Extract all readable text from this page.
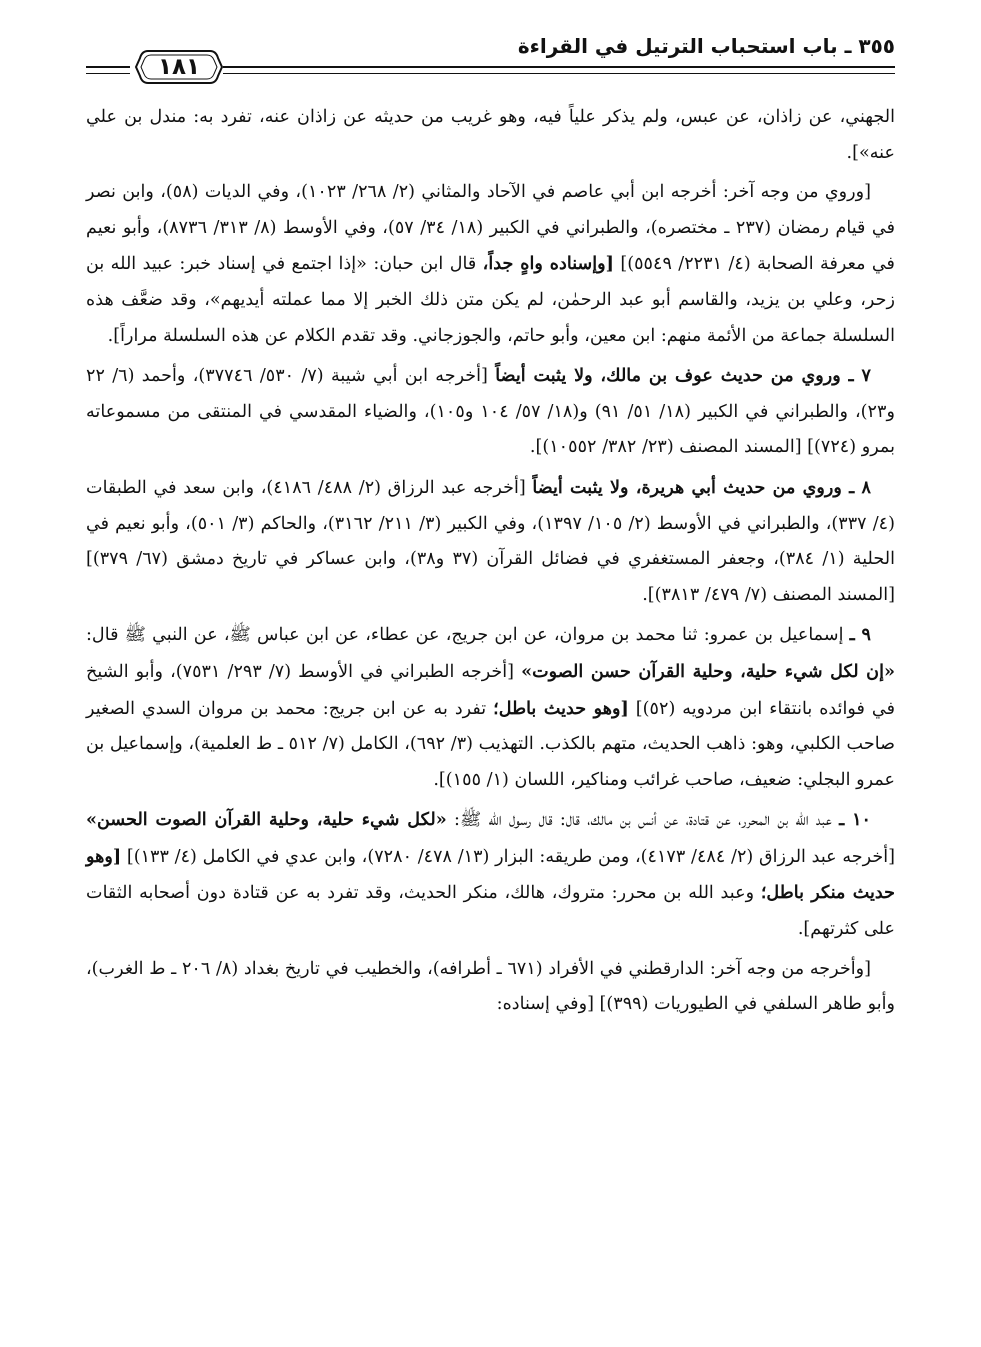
٣٥٥ ـ باب استحباب الترتيل في القراءة
١٨١

الجهني، عن زاذان، عن عبس، ولم يذكر علياً فيه، وهو غريب من حديثه عن زاذان عنه، تفرد به: مندل بن علي عنه»].

[وروي من وجه آخر: أخرجه ابن أبي عاصم في الآحاد والمثاني (٢/ ٢٦٨/ ١٠٢٣)، وفي الديات (٥٨)، وابن نصر في قيام رمضان (٢٣٧ ـ مختصره)، والطبراني في الكبير (١٨/ ٣٤/ ٥٧)، وفي الأوسط (٨/ ٣١٣/ ٨٧٣٦)، وأبو نعيم في معرفة الصحابة (٤/ ٢٢٣١/ ٥٥٤٩)] [وإسناده واهٍ جداً، قال ابن حبان: «إذا اجتمع في إسناد خبر: عبيد الله بن زحر، وعلي بن يزيد، والقاسم أبو عبد الرحمٰن، لم يكن متن ذلك الخبر إلا مما عملته أيديهم»، وقد ضعَّف هذه السلسلة جماعة من الأئمة منهم: ابن معين، وأبو حاتم، والجوزجاني. وقد تقدم الكلام عن هذه السلسلة مراراً].

٧ ـ وروي من حديث عوف بن مالك، ولا يثبت أيضاً [أخرجه ابن أبي شيبة (٧/ ٥٣٠/ ٣٧٧٤٦)، وأحمد (٦/ ٢٢ و٢٣)، والطبراني في الكبير (١٨/ ٥١/ ٩١) و(١٨/ ٥٧/ ١٠٤ و١٠٥)، والضياء المقدسي في المنتقى من مسموعاته بمرو (٧٢٤)] [المسند المصنف (٢٣/ ٣٨٢/ ١٠٥٥٢)].

٨ ـ وروي من حديث أبي هريرة، ولا يثبت أيضاً [أخرجه عبد الرزاق (٢/ ٤٨٨/ ٤١٨٦)، وابن سعد في الطبقات (٤/ ٣٣٧)، والطبراني في الأوسط (٢/ ١٠٥/ ١٣٩٧)، وفي الكبير (٣/ ٢١١/ ٣١٦٢)، والحاكم (٣/ ٥٠١)، وأبو نعيم في الحلية (١/ ٣٨٤)، وجعفر المستغفري في فضائل القرآن (٣٧ و٣٨)، وابن عساكر في تاريخ دمشق (٦٧/ ٣٧٩)] [المسند المصنف (٧/ ٤٧٩/ ٣٨١٣)].

٩ ـ إسماعيل بن عمرو: ثنا محمد بن مروان، عن ابن جريج، عن عطاء، عن ابن عباس ﷺ، عن النبي ﷺ قال: «إن لكل شيء حلية، وحلية القرآن حسن الصوت» [أخرجه الطبراني في الأوسط (٧/ ٢٩٣/ ٧٥٣١)، وأبو الشيخ في فوائده بانتقاء ابن مردويه (٥٢)] [وهو حديث باطل؛ تفرد به عن ابن جريج: محمد بن مروان السدي الصغير صاحب الكلبي، وهو: ذاهب الحديث، متهم بالكذب. التهذيب (٣/ ٦٩٢)، الكامل (٧/ ٥١٢ ـ ط العلمية)، وإسماعيل بن عمرو البجلي: ضعيف، صاحب غرائب ومناكير، اللسان (١/ ١٥٥)].

١٠ ـ عبد الله بن المحرر، عن قتادة، عن أنس بن مالك، قال: قال رسول الله ﷺ: «لكل شيء حلية، وحلية القرآن الصوت الحسن» [أخرجه عبد الرزاق (٢/ ٤٨٤/ ٤١٧٣)، ومن طريقه: البزار (١٣/ ٤٧٨/ ٧٢٨٠)، وابن عدي في الكامل (٤/ ١٣٣)] [وهو حديث منكر باطل؛ وعبد الله بن محرر: متروك، هالك، منكر الحديث، وقد تفرد به عن قتادة دون أصحابه الثقات على كثرتهم].

[وأخرجه من وجه آخر: الدارقطني في الأفراد (٦٧١ ـ أطرافه)، والخطيب في تاريخ بغداد (٨/ ٢٠٦ ـ ط الغرب)، وأبو طاهر السلفي في الطيوريات (٣٩٩)] [وفي إسناده:
